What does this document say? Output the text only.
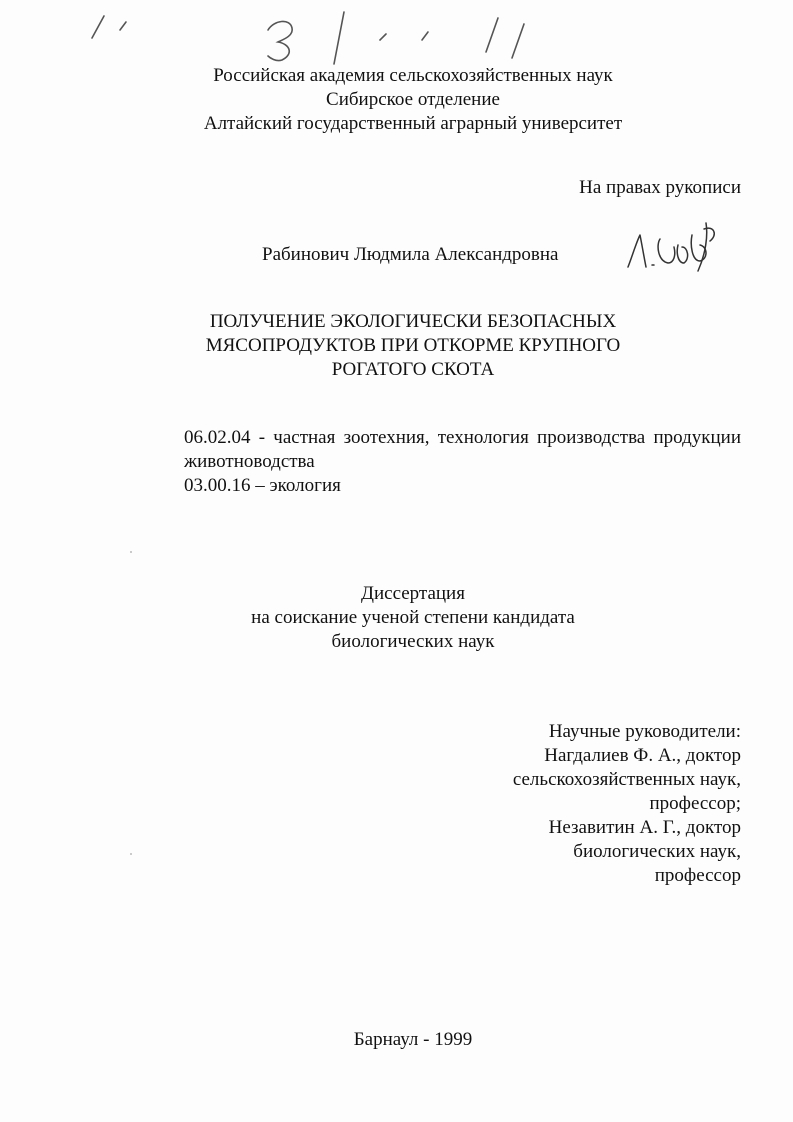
Российская академия сельскохозяйственных наук
Сибирское отделение
Алтайский государственный аграрный университет
На правах рукописи
Рабинович Людмила Александровна
ПОЛУЧЕНИЕ ЭКОЛОГИЧЕСКИ БЕЗОПАСНЫХ
МЯСОПРОДУКТОВ ПРИ ОТКОРМЕ КРУПНОГО
РОГАТОГО СКОТА
06.02.04 - частная зоотехния, технология производства продукции
животноводства
03.00.16 – экология
Диссертация
на соискание ученой степени кандидата
биологических наук
Научные руководители:
Нагдалиев Ф. А., доктор
сельскохозяйственных наук,
профессор;
Незавитин А. Г., доктор
биологических наук,
профессор
Барнаул - 1999
